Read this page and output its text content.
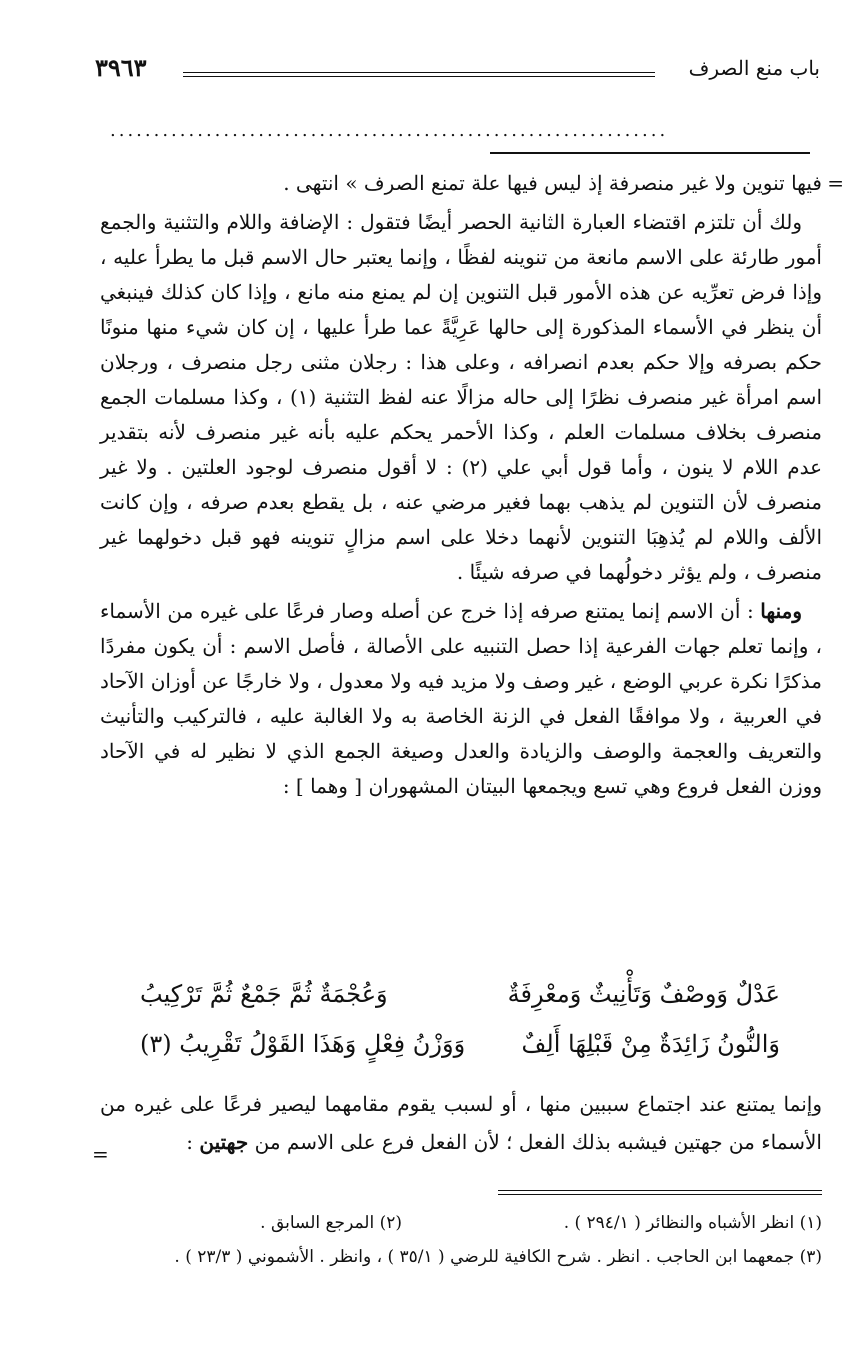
باب منع الصرف
٣٩٦٣
................................................................
=

فيها تنوين ولا غير منصرفة إذ ليس فيها علة تمنع الصرف » انتهى .

ولك أن تلتزم اقتضاء العبارة الثانية الحصر أيضًا فتقول : الإضافة واللام والتثنية والجمع أمور طارئة على الاسم مانعة من تنوينه لفظًا ، وإنما يعتبر حال الاسم قبل ما يطرأ عليه ، وإذا فرض تعرِّيه عن هذه الأمور قبل التنوين إن لم يمنع منه مانع ، وإذا كان كذلك فينبغي أن ينظر في الأسماء المذكورة إلى حالها عَرِيَّةً عما طرأ عليها ، إن كان شيء منها منونًا حكم بصرفه وإلا حكم بعدم انصرافه ، وعلى هذا : رجلان مثنى رجل منصرف ، ورجلان اسم امرأة غير منصرف نظرًا إلى حاله مزالًا عنه لفظ التثنية (١) ، وكذا مسلمات الجمع منصرف بخلاف مسلمات العلم ، وكذا الأحمر يحكم عليه بأنه غير منصرف لأنه بتقدير عدم اللام لا ينون ، وأما قول أبي علي (٢) : لا أقول منصرف لوجود العلتين . ولا غير منصرف لأن التنوين لم يذهب بهما فغير مرضي عنه ، بل يقطع بعدم صرفه ، وإن كانت الألف واللام لم يُذهِبَا التنوين لأنهما دخلا على اسم مزالٍ تنوينه فهو قبل دخولهما غير منصرف ، ولم يؤثر دخولُهما في صرفه شيئًا .

ومنها : أن الاسم إنما يمتنع صرفه إذا خرج عن أصله وصار فرعًا على غيره من الأسماء ، وإنما تعلم جهات الفرعية إذا حصل التنبيه على الأصالة ، فأصل الاسم : أن يكون مفردًا مذكرًا نكرة عربي الوضع ، غير وصف ولا مزيد فيه ولا معدول ، ولا خارجًا عن أوزان الآحاد في العربية ، ولا موافقًا الفعل في الزنة الخاصة به ولا الغالبة عليه ، فالتركيب والتأنيث والتعريف والعجمة والوصف والزيادة والعدل وصيغة الجمع الذي لا نظير له في الآحاد ووزن الفعل فروع وهي تسع ويجمعها البيتان المشهوران [ وهما ] :

عَدْلٌ وَوصْفٌ وَتَأْنِيثٌ وَمعْرِفَةٌ
وَعُجْمَةٌ ثُمَّ جَمْعٌ ثُمَّ تَرْكِيبُ
وَالنُّونُ زَائِدَةٌ مِنْ قَبْلِهَا أَلِفٌ
وَوَزْنُ فِعْلٍ وَهَذَا القَوْلُ تَقْرِيبُ (٣)

وإنما يمتنع عند اجتماع سببين منها ، أو لسبب يقوم مقامهما ليصير فرعًا على غيره من الأسماء من جهتين فيشبه بذلك الفعل ؛ لأن الفعل فرع على الاسم من جهتين :

=
(١) انظر الأشباه والنظائر ( ٢٩٤/١ ) .
(٢) المرجع السابق .
(٣) جمعهما ابن الحاجب . انظر . شرح الكافية للرضي ( ٣٥/١ ) ، وانظر . الأشموني ( ٢٣/٣ ) .
